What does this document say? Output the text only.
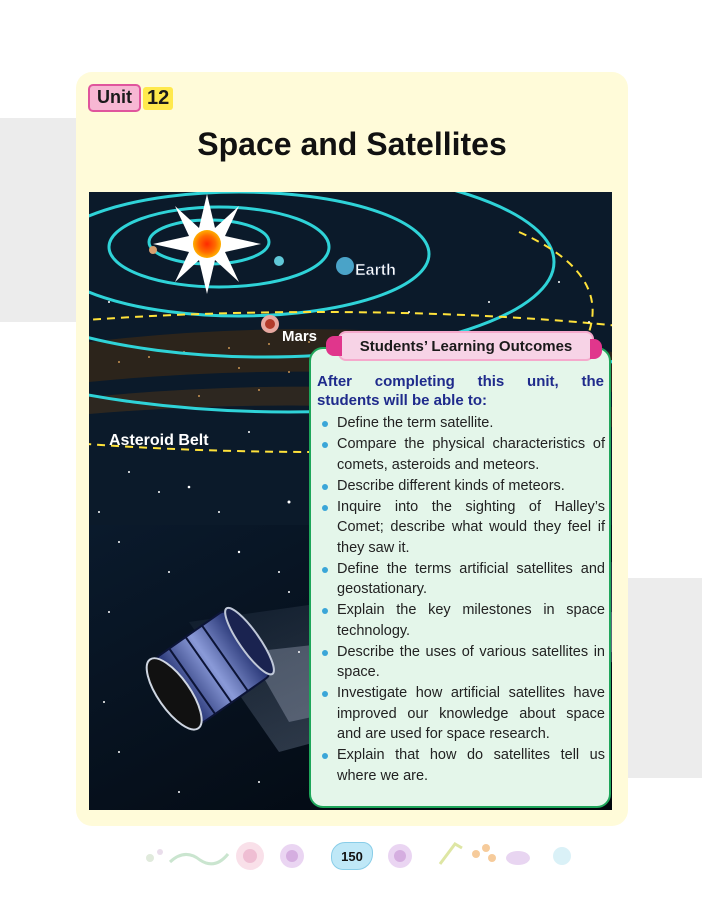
Unit 12
Space and Satellites
Earth
Mars
Asteroid Belt
Students’ Learning Outcomes
After completing this unit, the

students will be able to:
Define the term satellite.
Compare the physical characteristics of comets, asteroids and meteors.
Describe different kinds of meteors.
Inquire into the sighting of Halley’s Comet; describe what would they feel if they saw it.
Define the terms artificial satellites and geostationary.
Explain the key milestones in space technology.
Describe the uses of various satellites in space.
Investigate how artificial satellites have improved our knowledge about space and are used for space research.
Explain that how do satellites tell us where we are.
150
